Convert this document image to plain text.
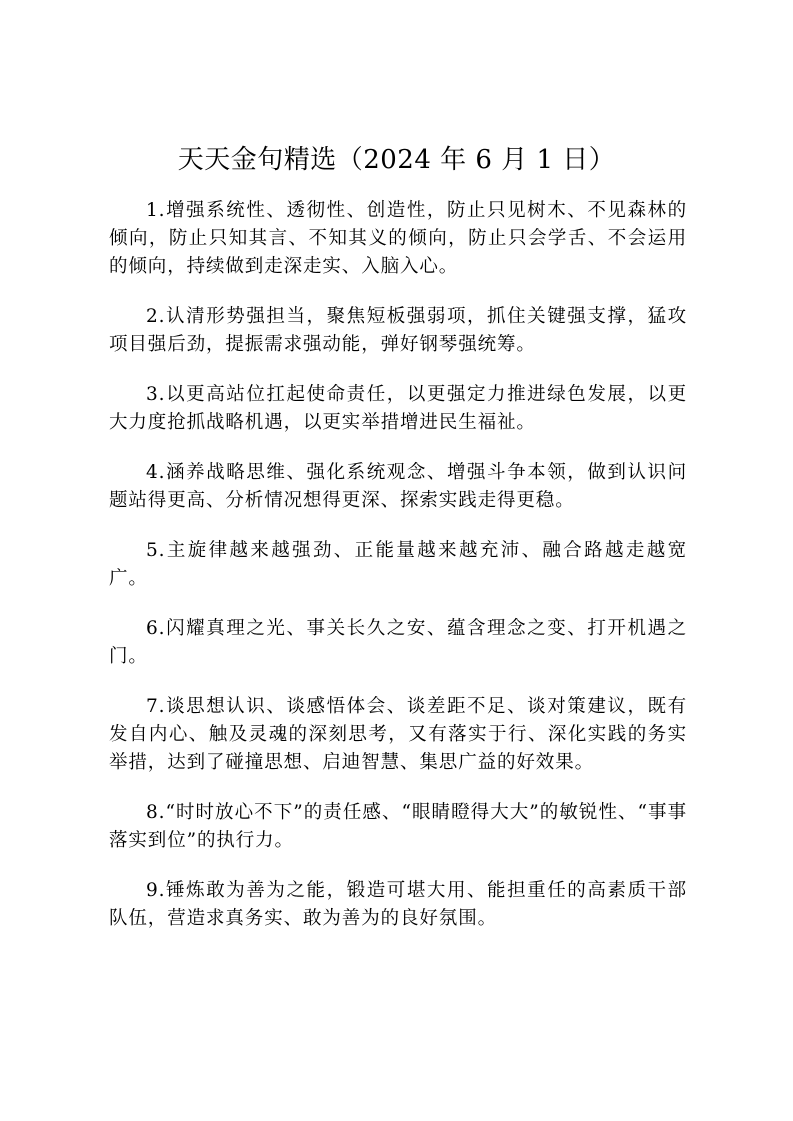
天天金句精选（2024 年 6 月 1 日）

1.增强系统性、透彻性、创造性，防止只见树木、不见森林的倾向，防止只知其言、不知其义的倾向，防止只会学舌、不会运用的倾向，持续做到走深走实、入脑入心。

2.认清形势强担当，聚焦短板强弱项，抓住关键强支撑，猛攻项目强后劲，提振需求强动能，弹好钢琴强统筹。

3.以更高站位扛起使命责任，以更强定力推进绿色发展，以更大力度抢抓战略机遇，以更实举措增进民生福祉。

4.涵养战略思维、强化系统观念、增强斗争本领，做到认识问题站得更高、分析情况想得更深、探索实践走得更稳。

5.主旋律越来越强劲、正能量越来越充沛、融合路越走越宽广。

6.闪耀真理之光、事关长久之安、蕴含理念之变、打开机遇之门。

7.谈思想认识、谈感悟体会、谈差距不足、谈对策建议，既有发自内心、触及灵魂的深刻思考，又有落实于行、深化实践的务实举措，达到了碰撞思想、启迪智慧、集思广益的好效果。

8.“时时放心不下”的责任感、“眼睛瞪得大大”的敏锐性、“事事落实到位”的执行力。

9.锤炼敢为善为之能，锻造可堪大用、能担重任的高素质干部队伍，营造求真务实、敢为善为的良好氛围。
